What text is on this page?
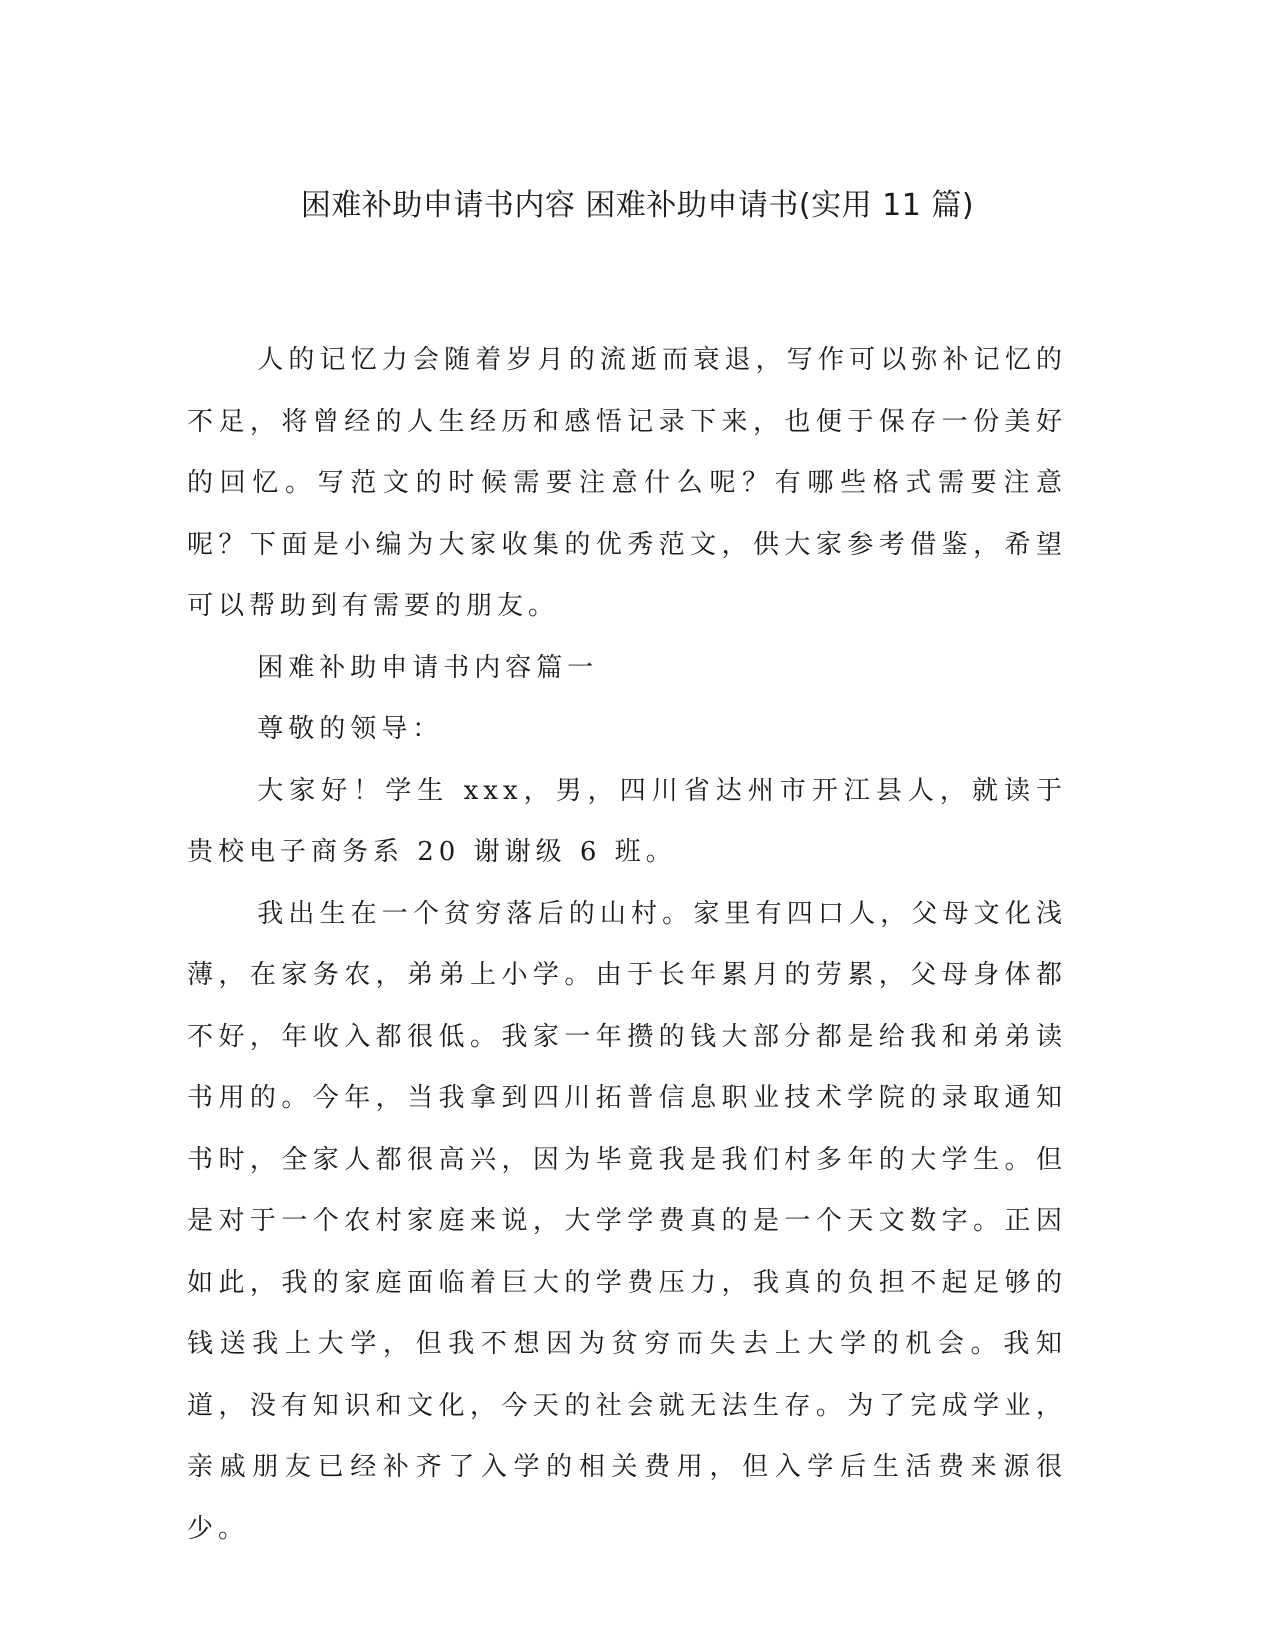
困难补助申请书内容 困难补助申请书(实用 11 篇)

人的记忆力会随着岁月的流逝而衰退，写作可以弥补记忆的不足，将曾经的人生经历和感悟记录下来，也便于保存一份美好的回忆。写范文的时候需要注意什么呢？有哪些格式需要注意呢？下面是小编为大家收集的优秀范文，供大家参考借鉴，希望可以帮助到有需要的朋友。

困难补助申请书内容篇一

尊敬的领导：

大家好！学生 xxx，男，四川省达州市开江县人，就读于贵校电子商务系 20 谢谢级 6 班。

我出生在一个贫穷落后的山村。家里有四口人，父母文化浅薄，在家务农，弟弟上小学。由于长年累月的劳累，父母身体都不好，年收入都很低。我家一年攒的钱大部分都是给我和弟弟读书用的。今年，当我拿到四川拓普信息职业技术学院的录取通知书时，全家人都很高兴，因为毕竟我是我们村多年的大学生。但是对于一个农村家庭来说，大学学费真的是一个天文数字。正因如此，我的家庭面临着巨大的学费压力，我真的负担不起足够的钱送我上大学，但我不想因为贫穷而失去上大学的机会。我知道，没有知识和文化，今天的社会就无法生存。为了完成学业，亲戚朋友已经补齐了入学的相关费用，但入学后生活费来源很少。
